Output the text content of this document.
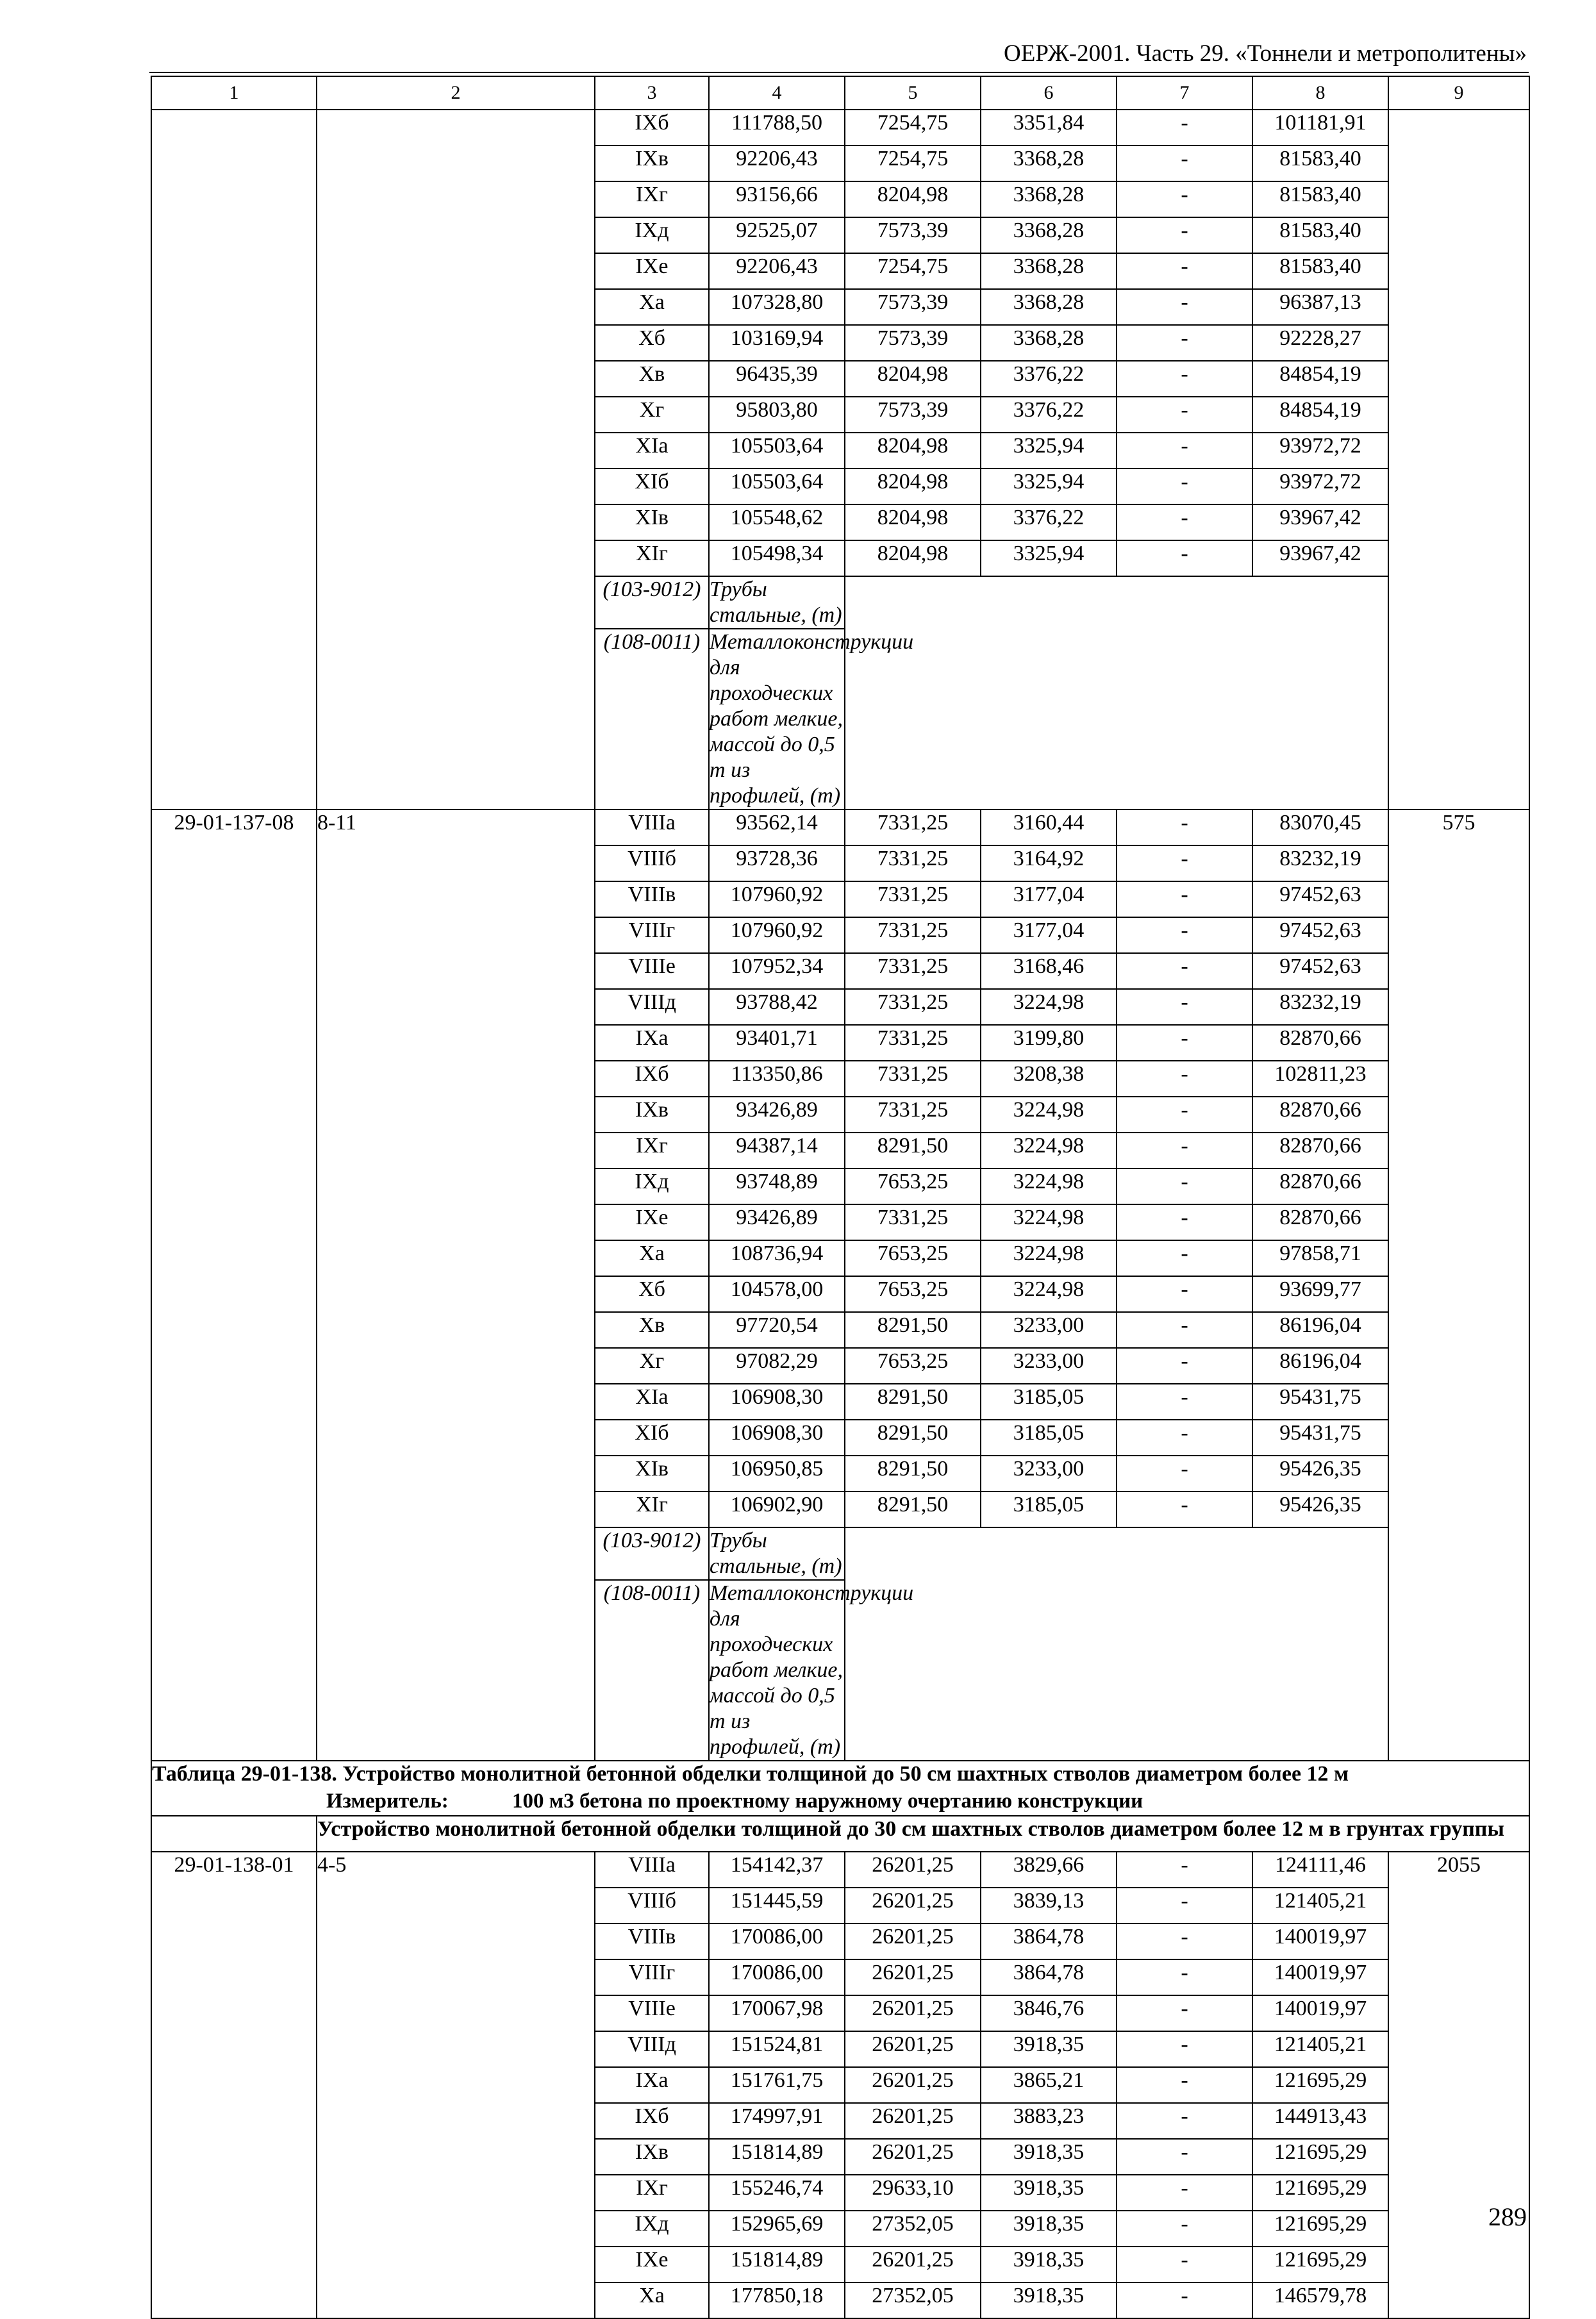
ОЕРЖ-2001. Часть 29. «Тоннели и метрополитены»
1	2	3	4	5	6	7	8	9	
		IXб	111788,50	7254,75	3351,84	-	101181,91		
		IXв	92206,43	7254,75	3368,28	-	81583,40		
		IXг	93156,66	8204,98	3368,28	-	81583,40		
		IXд	92525,07	7573,39	3368,28	-	81583,40		
		IXе	92206,43	7254,75	3368,28	-	81583,40		
		Xа	107328,80	7573,39	3368,28	-	96387,13		
		Xб	103169,94	7573,39	3368,28	-	92228,27		
		Xв	96435,39	8204,98	3376,22	-	84854,19		
		Xг	95803,80	7573,39	3376,22	-	84854,19		
		XIа	105503,64	8204,98	3325,94	-	93972,72		
		XIб	105503,64	8204,98	3325,94	-	93972,72		
		XIв	105548,62	8204,98	3376,22	-	93967,42		
		XIг	105498,34	8204,98	3325,94	-	93967,42		
		(103-9012)	Трубы стальные, (т)		
		(108-0011)	Металлоконструкции для проходческих работ мелкие, массой до 0,5 т из профилей, (т)	
29-01-137-08	8-11	VIIIа	93562,14	7331,25	3160,44	-	83070,45	575	
		VIIIб	93728,36	7331,25	3164,92	-	83232,19		
		VIIIв	107960,92	7331,25	3177,04	-	97452,63		
		VIIIг	107960,92	7331,25	3177,04	-	97452,63		
		VIIIе	107952,34	7331,25	3168,46	-	97452,63		
		VIIIд	93788,42	7331,25	3224,98	-	83232,19		
		IXа	93401,71	7331,25	3199,80	-	82870,66		
		IXб	113350,86	7331,25	3208,38	-	102811,23		
		IXв	93426,89	7331,25	3224,98	-	82870,66		
		IXг	94387,14	8291,50	3224,98	-	82870,66		
		IXд	93748,89	7653,25	3224,98	-	82870,66		
		IXе	93426,89	7331,25	3224,98	-	82870,66		
		Xа	108736,94	7653,25	3224,98	-	97858,71		
		Xб	104578,00	7653,25	3224,98	-	93699,77		
		Xв	97720,54	8291,50	3233,00	-	86196,04		
		Xг	97082,29	7653,25	3233,00	-	86196,04		
		XIа	106908,30	8291,50	3185,05	-	95431,75		
		XIб	106908,30	8291,50	3185,05	-	95431,75		
		XIв	106950,85	8291,50	3233,00	-	95426,35		
		XIг	106902,90	8291,50	3185,05	-	95426,35		
		(103-9012)	Трубы стальные, (т)		
		(108-0011)	Металлоконструкции для проходческих работ мелкие, массой до 0,5 т из профилей, (т)	

Таблица 29-01-138. Устройство монолитной бетонной обделки толщиной до 50 см шахтных стволов диаметром более 12 м
Измеритель: 100 м3 бетона по проектному наружному очертанию конструкции									

	Устройство монолитной бетонной обделки толщиной до 30 см шахтных стволов диаметром более 12 м в грунтах группы								
29-01-138-01	4-5	VIIIа	154142,37	26201,25	3829,66	-	124111,46	2055	
		VIIIб	151445,59	26201,25	3839,13	-	121405,21		
		VIIIв	170086,00	26201,25	3864,78	-	140019,97		
		VIIIг	170086,00	26201,25	3864,78	-	140019,97		
		VIIIе	170067,98	26201,25	3846,76	-	140019,97		
		VIIIд	151524,81	26201,25	3918,35	-	121405,21		
		IXа	151761,75	26201,25	3865,21	-	121695,29		
		IXб	174997,91	26201,25	3883,23	-	144913,43		
		IXв	151814,89	26201,25	3918,35	-	121695,29		
		IXг	155246,74	29633,10	3918,35	-	121695,29		
		IXд	152965,69	27352,05	3918,35	-	121695,29		
		IXе	151814,89	26201,25	3918,35	-	121695,29		
		Xа	177850,18	27352,05	3918,35	-	146579,78		
289
